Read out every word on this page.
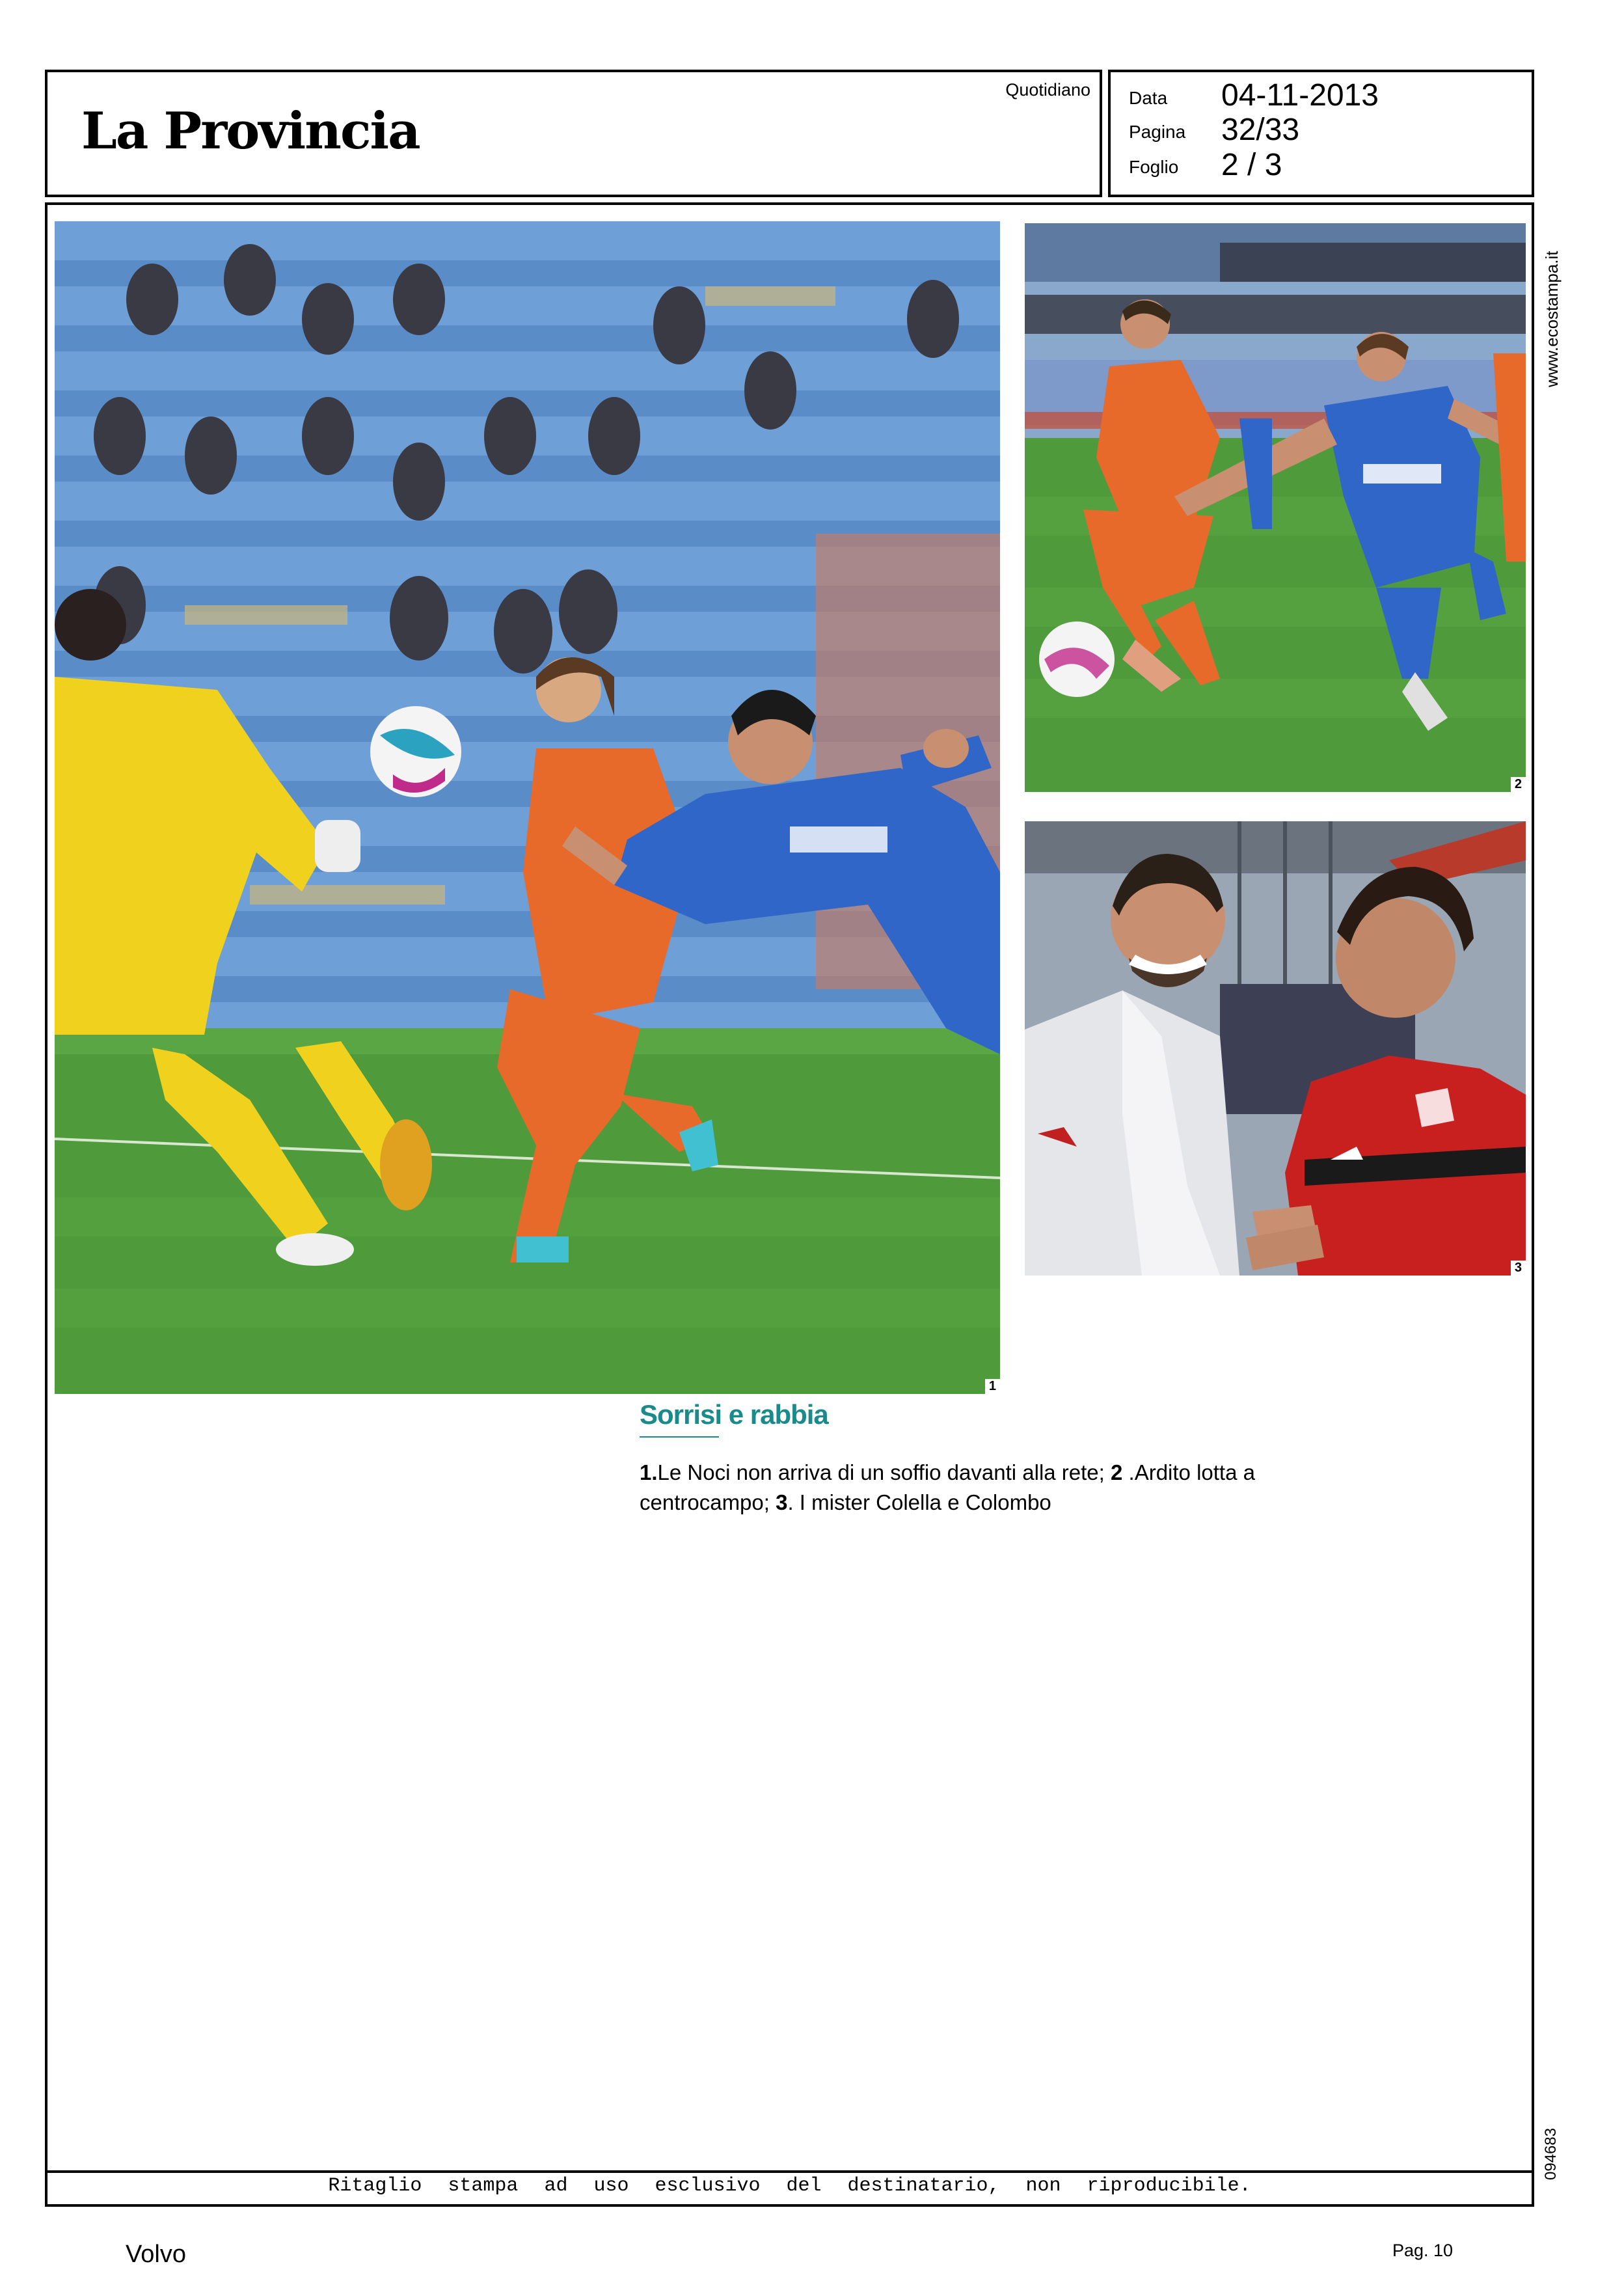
La Provincia
Quotidiano Data 04-11-2013
Pagina 32/33
Foglio 2 / 3
1
2
3
Sorrisi e rabbia
1.Le Noci non arriva di un soffio davanti alla rete; 2 .Ardito lotta a centrocampo; 3. I mister Colella e Colombo
www.ecostampa.it
094683
Ritaglio stampa ad uso esclusivo del destinatario, non riproducibile.
Volvo	Pag. 10
